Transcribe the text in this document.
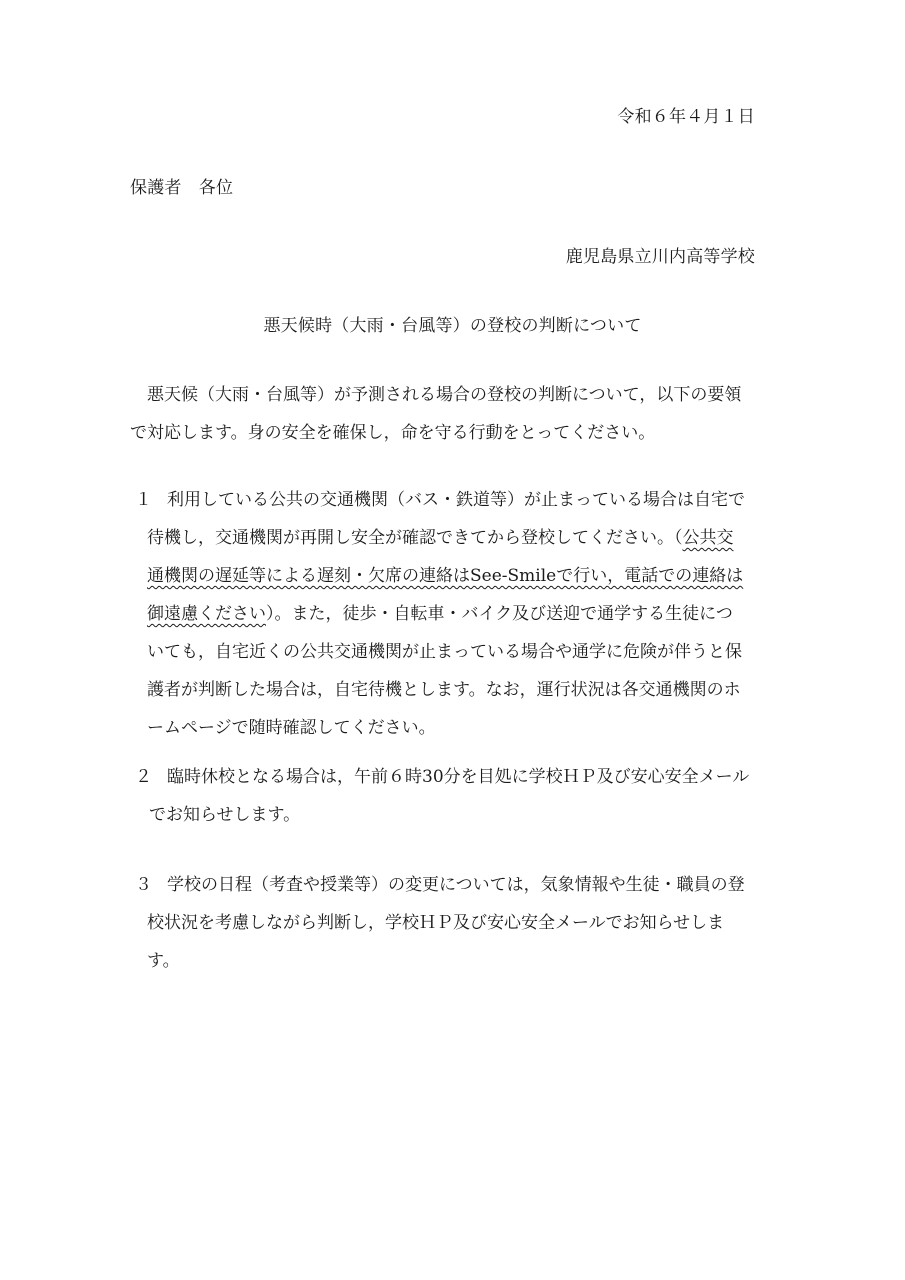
令和６年４月１日
保護者　各位
鹿児島県立川内高等学校
悪天候時（大雨・台風等）の登校の判断について

悪天候（大雨・台風等）が予測される場合の登校の判断について，以下の要領

で対応します。身の安全を確保し，命を守る行動をとってください。

１ 利用している公共の交通機関（バス・鉄道等）が止まっている場合は自宅で

待機し，交通機関が再開し安全が確認できてから登校してください。（公共交

通機関の遅延等による遅刻・欠席の連絡はSee-Smileで行い，電話での連絡は

御遠慮ください）。また，徒歩・自転車・バイク及び送迎で通学する生徒につ

いても，自宅近くの公共交通機関が止まっている場合や通学に危険が伴うと保

護者が判断した場合は，自宅待機とします。なお，運行状況は各交通機関のホ

ームページで随時確認してください。

２ 臨時休校となる場合は，午前６時30分を目処に学校ＨＰ及び安心安全メール

でお知らせします。

３ 学校の日程（考査や授業等）の変更については，気象情報や生徒・職員の登

校状況を考慮しながら判断し，学校ＨＰ及び安心安全メールでお知らせしま

す。
